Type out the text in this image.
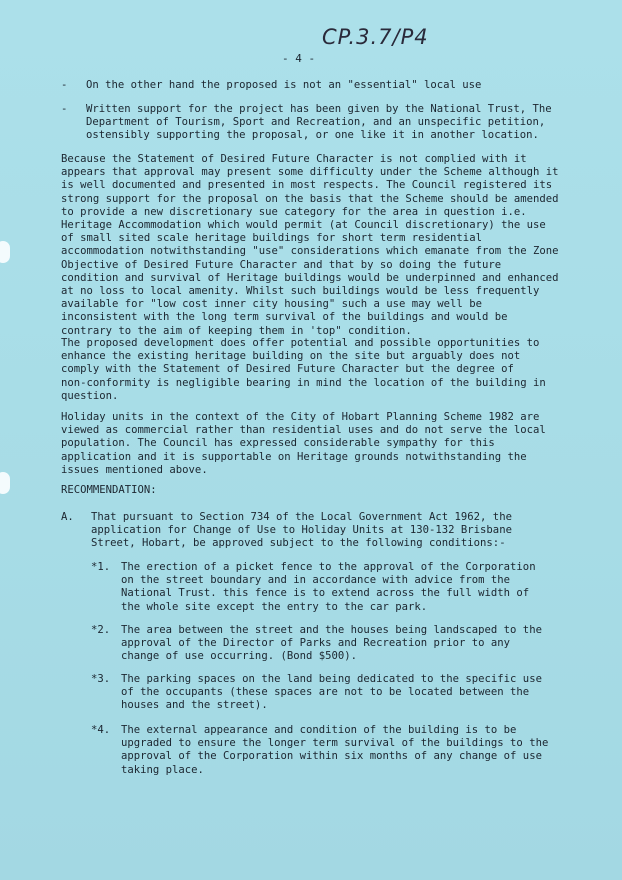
CP.3.7/P4
- 4 -
- On the other hand the proposed is not an "essential" local use
- Written support for the project has been given by the National Trust, The
Department of Tourism, Sport and Recreation, and an unspecific petition,
ostensibly supporting the proposal, or one like it in another location.
Because the Statement of Desired Future Character is not complied with it
appears that approval may present some difficulty under the Scheme although it
is well documented and presented in most respects. The Council registered its
strong support for the proposal on the basis that the Scheme should be amended
to provide a new discretionary sue category for the area in question i.e.
Heritage Accommodation which would permit (at Council discretionary) the use
of small sited scale heritage buildings for short term residential
accommodation notwithstanding "use" considerations which emanate from the Zone
Objective of Desired Future Character and that by so doing the future
condition and survival of Heritage buildings would be underpinned and enhanced
at no loss to local amenity. Whilst such buildings would be less frequently
available for "low cost inner city housing" such a use may well be
inconsistent with the long term survival of the buildings and would be
contrary to the aim of keeping them in 'top" condition.
The proposed development does offer potential and possible opportunities to
enhance the existing heritage building on the site but arguably does not
comply with the Statement of Desired Future Character but the degree of
non-conformity is negligible bearing in mind the location of the building in
question.
Holiday units in the context of the City of Hobart Planning Scheme 1982 are
viewed as commercial rather than residential uses and do not serve the local
population. The Council has expressed considerable sympathy for this
application and it is supportable on Heritage grounds notwithstanding the
issues mentioned above.
RECOMMENDATION:
A. That pursuant to Section 734 of the Local Government Act 1962, the
application for Change of Use to Holiday Units at 130-132 Brisbane
Street, Hobart, be approved subject to the following conditions:-
*1. The erection of a picket fence to the approval of the Corporation
on the street boundary and in accordance with advice from the
National Trust. this fence is to extend across the full width of
the whole site except the entry to the car park.
*2. The area between the street and the houses being landscaped to the
approval of the Director of Parks and Recreation prior to any
change of use occurring. (Bond $500).
*3. The parking spaces on the land being dedicated to the specific use
of the occupants (these spaces are not to be located between the
houses and the street).
*4. The external appearance and condition of the building is to be
upgraded to ensure the longer term survival of the buildings to the
approval of the Corporation within six months of any change of use
taking place.
